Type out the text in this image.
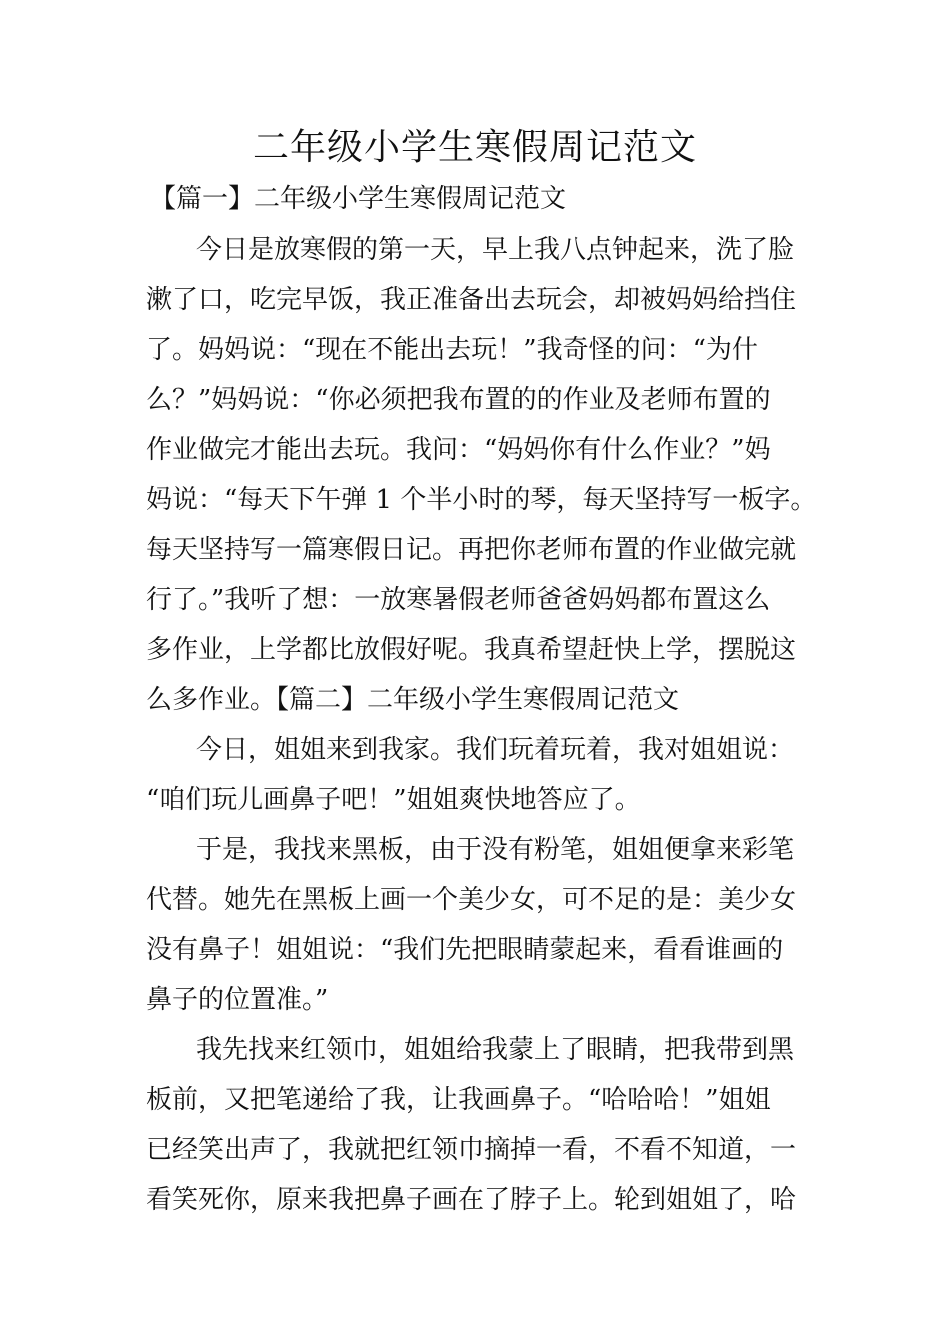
二年级小学生寒假周记范文
【篇一】二年级小学生寒假周记范文
今日是放寒假的第一天，早上我八点钟起来，洗了脸
漱了口，吃完早饭，我正准备出去玩会，却被妈妈给挡住
了。妈妈说：“现在不能出去玩！”我奇怪的问：“为什
么？”妈妈说：“你必须把我布置的的作业及老师布置的
作业做完才能出去玩。我问：“妈妈你有什么作业？”妈
妈说：“每天下午弹 1 个半小时的琴，每天坚持写一板字。
每天坚持写一篇寒假日记。再把你老师布置的作业做完就
行了。”我听了想：一放寒暑假老师爸爸妈妈都布置这么
多作业，上学都比放假好呢。我真希望赶快上学，摆脱这
么多作业。【篇二】二年级小学生寒假周记范文
今日，姐姐来到我家。我们玩着玩着，我对姐姐说：
“咱们玩儿画鼻子吧！”姐姐爽快地答应了。
于是，我找来黑板，由于没有粉笔，姐姐便拿来彩笔
代替。她先在黑板上画一个美少女，可不足的是：美少女
没有鼻子！姐姐说：“我们先把眼睛蒙起来，看看谁画的
鼻子的位置准。”
我先找来红领巾，姐姐给我蒙上了眼睛，把我带到黑
板前，又把笔递给了我，让我画鼻子。“哈哈哈！”姐姐
已经笑出声了，我就把红领巾摘掉一看，不看不知道，一
看笑死你，原来我把鼻子画在了脖子上。轮到姐姐了，哈
